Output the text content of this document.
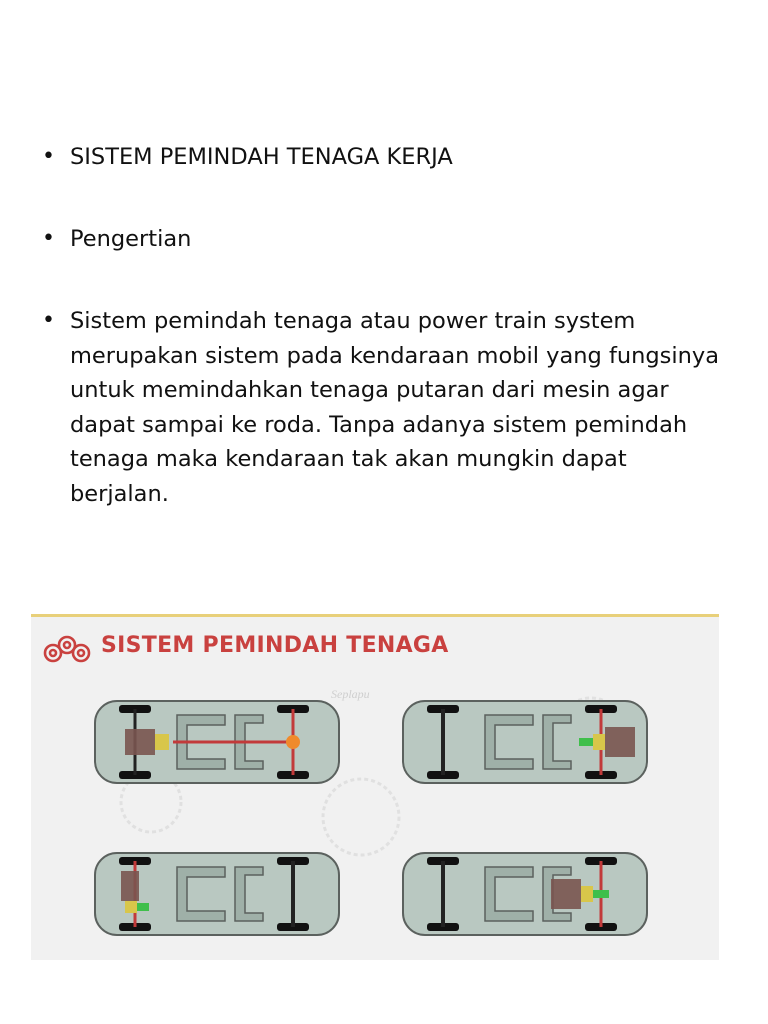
• SISTEM PEMINDAH TENAGA KERJA
• Pengertian
• Sistem pemindah tenaga atau power train system merupakan sistem pada kendaraan mobil yang fungsinya untuk memindahkan tenaga putaran dari mesin agar dapat sampai ke roda. Tanpa adanya sistem pemindah tenaga maka kendaraan tak akan mungkin dapat berjalan.
SISTEM PEMINDAH TENAGA
Seplapu
